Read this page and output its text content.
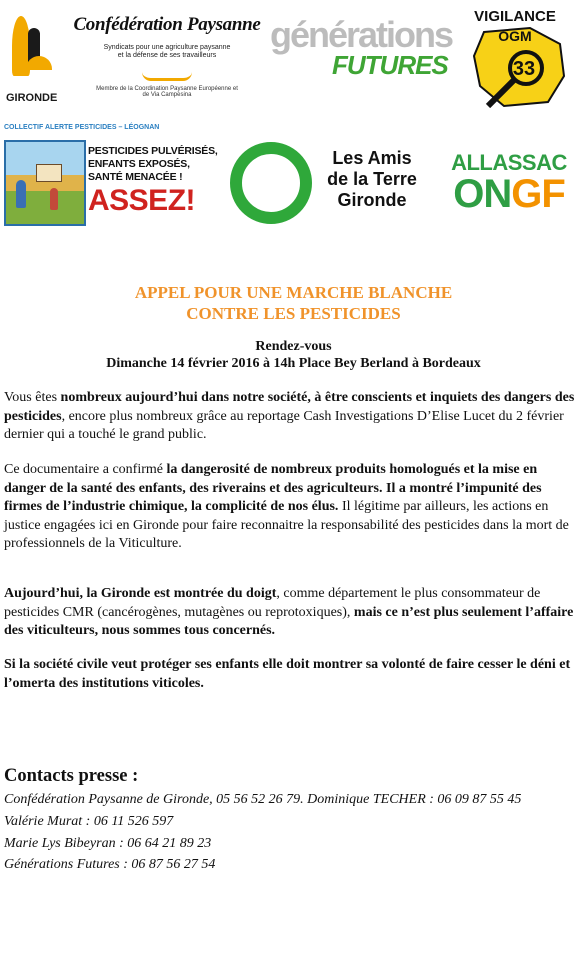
GIRONDE
Confédération Paysanne
Syndicats pour une agriculture paysanne et la défense de ses travailleurs
Membre de la Coordination Paysanne Européenne et de Via Campesina
générations
FUTURES
VIGILANCE
OGM
33
COLLECTIF ALERTE PESTICIDES – LÉOGNAN
PESTICIDES PULVÉRISÉS,
ENFANTS EXPOSÉS,
SANTÉ MENACÉE !
ASSEZ!
Les Amis
de la Terre
Gironde
ALLASSAC
ONGF
APPEL POUR UNE MARCHE BLANCHE
CONTRE LES PESTICIDES
Rendez-vous
Dimanche 14 février 2016 à 14h Place Bey Berland à Bordeaux
Vous êtes nombreux aujourd’hui dans notre société, à être conscients et inquiets des dangers des pesticides, encore plus nombreux grâce au reportage Cash Investigations D’Elise Lucet du 2 février dernier qui a touché le grand public.
Ce documentaire a confirmé la dangerosité de nombreux produits homologués et la mise en danger de la santé des enfants, des riverains et des agriculteurs. Il a montré l’impunité des firmes de l’industrie chimique, la complicité de nos élus. Il légitime par ailleurs, les actions en justice engagées ici en Gironde pour faire reconnaitre la responsabilité des pesticides dans la mort de professionnels de la Viticulture.
Aujourd’hui, la Gironde est montrée du doigt, comme département le plus consommateur de pesticides CMR (cancérogènes, mutagènes ou reprotoxiques), mais ce n’est plus seulement l’affaire des viticulteurs, nous sommes tous concernés.
Si la société civile veut protéger ses enfants elle doit montrer sa volonté de faire cesser le déni et l’omerta des institutions viticoles.
Contacts presse :
Confédération Paysanne de Gironde, 05 56 52 26 79. Dominique TECHER : 06 09 87 55 45
Valérie Murat : 06 11 526 597
Marie Lys Bibeyran : 06 64 21 89 23
Générations Futures : 06 87 56 27 54
